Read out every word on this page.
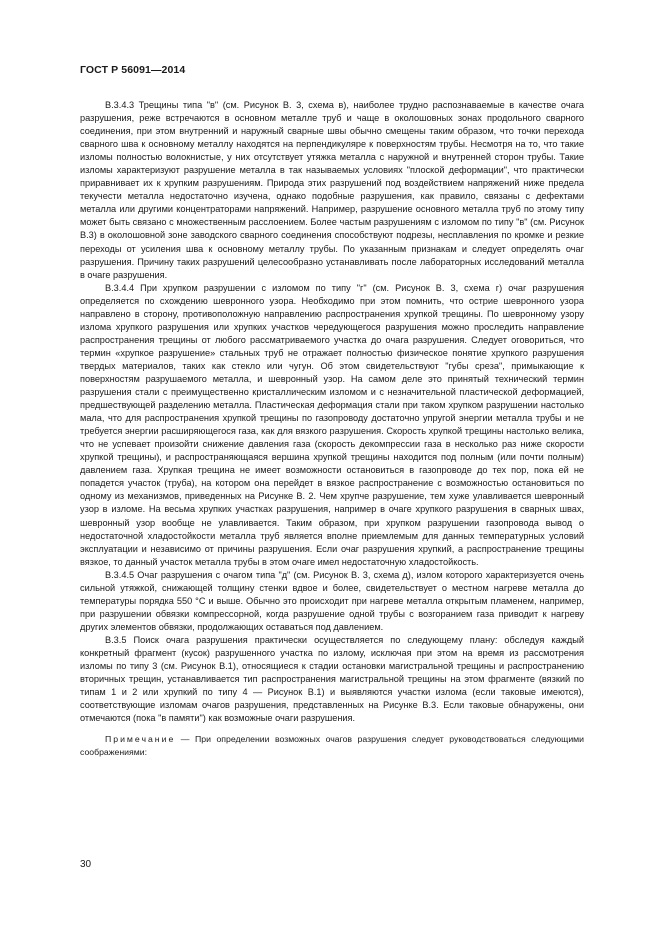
ГОСТ Р 56091—2014

В.3.4.3 Трещины типа "в" (см. Рисунок В. 3, схема в), наиболее трудно распознаваемые в качестве очага разрушения, реже встречаются в основном металле труб и чаще в околошовных зонах продольного сварного соединения, при этом внутренний и наружный сварные швы обычно смещены таким образом, что точки перехода сварного шва к основному металлу находятся на перпендикуляре к поверхностям трубы. Несмотря на то, что такие изломы полностью волокнистые, у них отсутствует утяжка металла с наружной и внутренней сторон трубы. Такие изломы характеризуют разрушение металла в так называемых условиях "плоской деформации", что практически приравнивает их к хрупким разрушениям. Природа этих разрушений под воздействием напряжений ниже предела текучести металла недостаточно изучена, однако подобные разрушения, как правило, связаны с дефектами металла или другими концентраторами напряжений. Например, разрушение основного металла труб по этому типу может быть связано с множественным расслоением. Более частым разрушениям с изломом по типу "в" (см. Рисунок В.3) в околошовной зоне заводского сварного соединения способствуют подрезы, несплавления по кромке и резкие переходы от усиления шва к основному металлу трубы. По указанным признакам и следует определять очаг разрушения. Причину таких разрушений целесообразно устанавливать после лабораторных исследований металла в очаге разрушения.

В.3.4.4 При хрупком разрушении с изломом по типу "г" (см. Рисунок В. 3, схема г) очаг разрушения определяется по схождению шевронного узора. Необходимо при этом помнить, что острие шевронного узора направлено в сторону, противоположную направлению распространения хрупкой трещины. По шевронному узору излома хрупкого разрушения или хрупких участков чередующегося разрушения можно проследить направление распространения трещины от любого рассматриваемого участка до очага разрушения. Следует оговориться, что термин «хрупкое разрушение» стальных труб не отражает полностью физическое понятие хрупкого разрушения твердых материалов, таких как стекло или чугун. Об этом свидетельствуют "губы среза", примыкающие к поверхностям разрушаемого металла, и шевронный узор. На самом деле это принятый технический термин разрушения стали с преимущественно кристаллическим изломом и с незначительной пластической деформацией, предшествующей разделению металла. Пластическая деформация стали при таком хрупком разрушении настолько мала, что для распространения хрупкой трещины по газопроводу достаточно упругой энергии металла трубы и не требуется энергии расширяющегося газа, как для вязкого разрушения. Скорость хрупкой трещины настолько велика, что не успевает произойти снижение давления газа (скорость декомпрессии газа в несколько раз ниже скорости хрупкой трещины), и распространяющаяся вершина хрупкой трещины находится под полным (или почти полным) давлением газа. Хрупкая трещина не имеет возможности остановиться в газопроводе до тех пор, пока ей не попадется участок (труба), на котором она перейдет в вязкое распространение с возможностью остановиться по одному из механизмов, приведенных на Рисунке В. 2. Чем хрупче разрушение, тем хуже улавливается шевронный узор в изломе. На весьма хрупких участках разрушения, например в очаге хрупкого разрушения в сварных швах, шевронный узор вообще не улавливается. Таким образом, при хрупком разрушении газопровода вывод о недостаточной хладостойкости металла труб является вполне приемлемым для данных температурных условий эксплуатации и независимо от причины разрушения. Если очаг разрушения хрупкий, а распространение трещины вязкое, то данный участок металла трубы в этом очаге имел недостаточную хладостойкость.

В.3.4.5 Очаг разрушения с очагом типа "д" (см. Рисунок В. 3, схема д), излом которого характеризуется очень сильной утяжкой, снижающей толщину стенки вдвое и более, свидетельствует о местном нагреве металла до температуры порядка 550 °С и выше. Обычно это происходит при нагреве металла открытым пламенем, например, при разрушении обвязки компрессорной, когда разрушение одной трубы с возгоранием газа приводит к нагреву других элементов обвязки, продолжающих оставаться под давлением.

В.3.5 Поиск очага разрушения практически осуществляется по следующему плану: обследуя каждый конкретный фрагмент (кусок) разрушенного участка по излому, исключая при этом на время из рассмотрения изломы по типу 3 (см. Рисунок В.1), относящиеся к стадии остановки магистральной трещины и распространению вторичных трещин, устанавливается тип распространения магистральной трещины на этом фрагменте (вязкий по типам 1 и 2 или хрупкий по типу 4 — Рисунок В.1) и выявляются участки излома (если таковые имеются), соответствующие изломам очагов разрушения, представленных на Рисунке В.3. Если таковые обнаружены, они отмечаются (пока "в памяти") как возможные очаги разрушения.

Примечание — При определении возможных очагов разрушения следует руководствоваться следующими соображениями:

30
